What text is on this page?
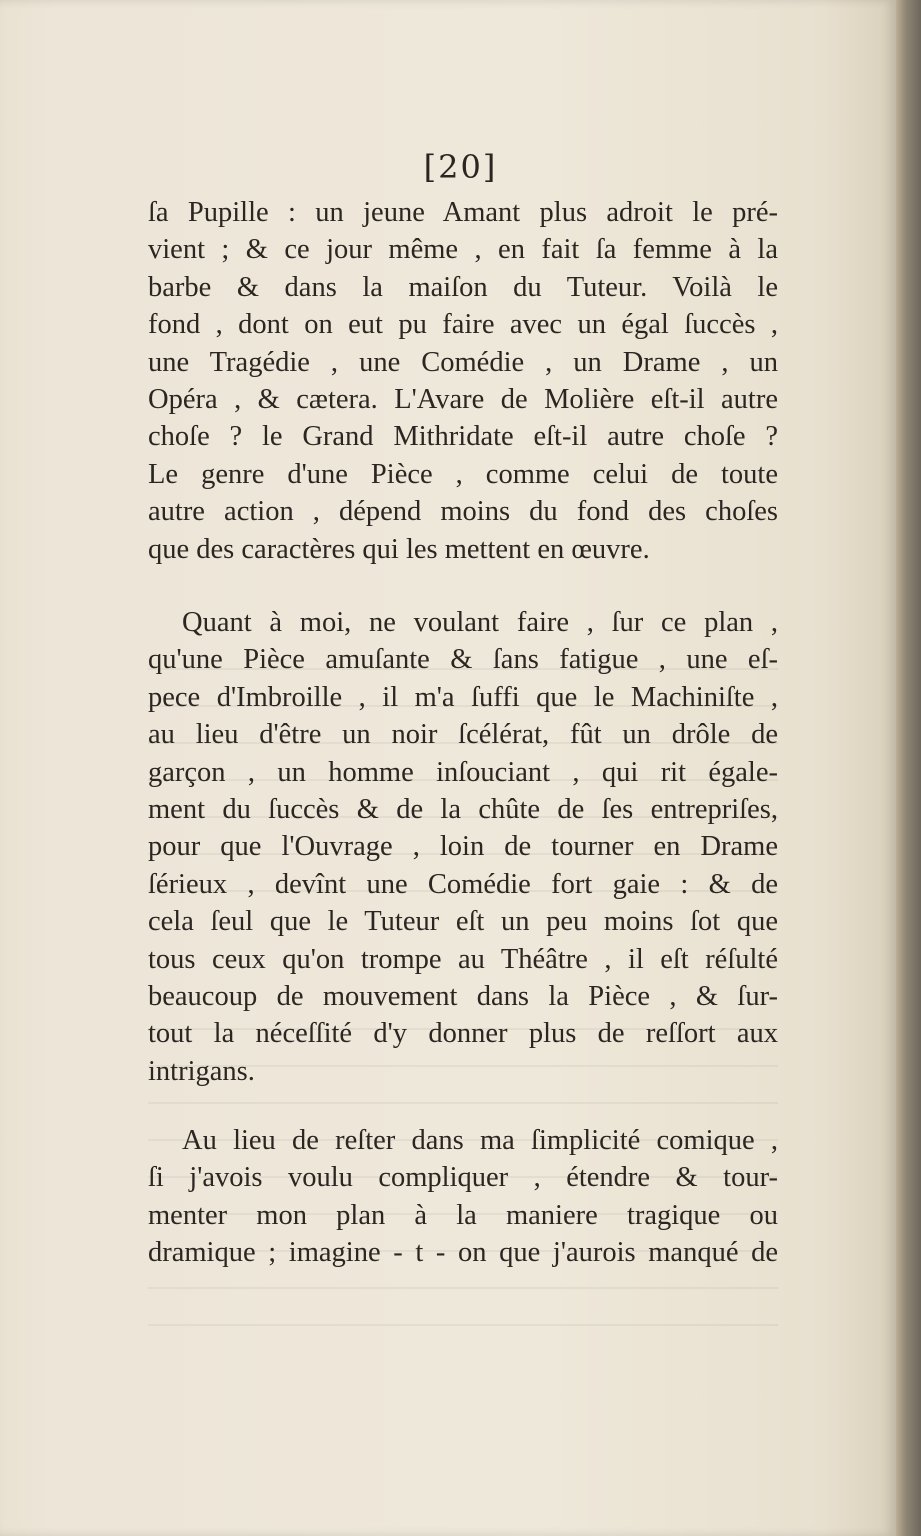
[20]
ſa Pupille : un jeune Amant plus adroit le pré-
vient ; & ce jour même , en fait ſa femme à la
barbe & dans la maiſon du Tuteur. Voilà le
fond , dont on eut pu faire avec un égal ſuccès ,
une Tragédie , une Comédie , un Drame , un
Opéra , & cætera. L'Avare de Molière eſt-il autre
choſe ? le Grand Mithridate eſt-il autre choſe ?
Le genre d'une Pièce , comme celui de toute
autre action , dépend moins du fond des choſes
que des caractères qui les mettent en œuvre.
Quant à moi, ne voulant faire , ſur ce plan ,
qu'une Pièce amuſante & ſans fatigue , une eſ-
pece d'Imbroille , il m'a ſuffi que le Machiniſte ,
au lieu d'être un noir ſcélérat, fût un drôle de
garçon , un homme inſouciant , qui rit égale-
ment du ſuccès & de la chûte de ſes entrepriſes,
pour que l'Ouvrage , loin de tourner en Drame
ſérieux , devînt une Comédie fort gaie : & de
cela ſeul que le Tuteur eſt un peu moins ſot que
tous ceux qu'on trompe au Théâtre , il eſt réſulté
beaucoup de mouvement dans la Pièce , & ſur-
tout la néceſſité d'y donner plus de reſſort aux
intrigans.
Au lieu de reſter dans ma ſimplicité comique ,
ſi j'avois voulu compliquer , étendre & tour-
menter mon plan à la maniere tragique ou
dramique ; imagine - t - on que j'aurois manqué de
